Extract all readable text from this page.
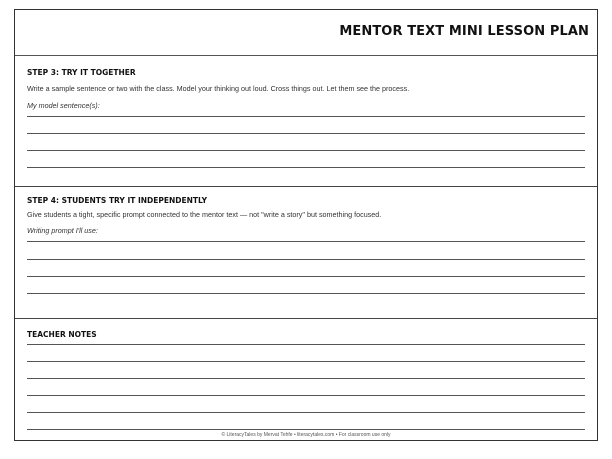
MENTOR TEXT MINI LESSON PLAN
STEP 3: TRY IT TOGETHER
Write a sample sentence or two with the class. Model your thinking out loud. Cross things out. Let them see the process.
My model sentence(s):
STEP 4: STUDENTS TRY IT INDEPENDENTLY
Give students a tight, specific prompt connected to the mentor text — not "write a story" but something focused.
Writing prompt I'll use:
TEACHER NOTES
© LiteracyTales by Mervat Tehfe • literacytales.com • For classroom use only
